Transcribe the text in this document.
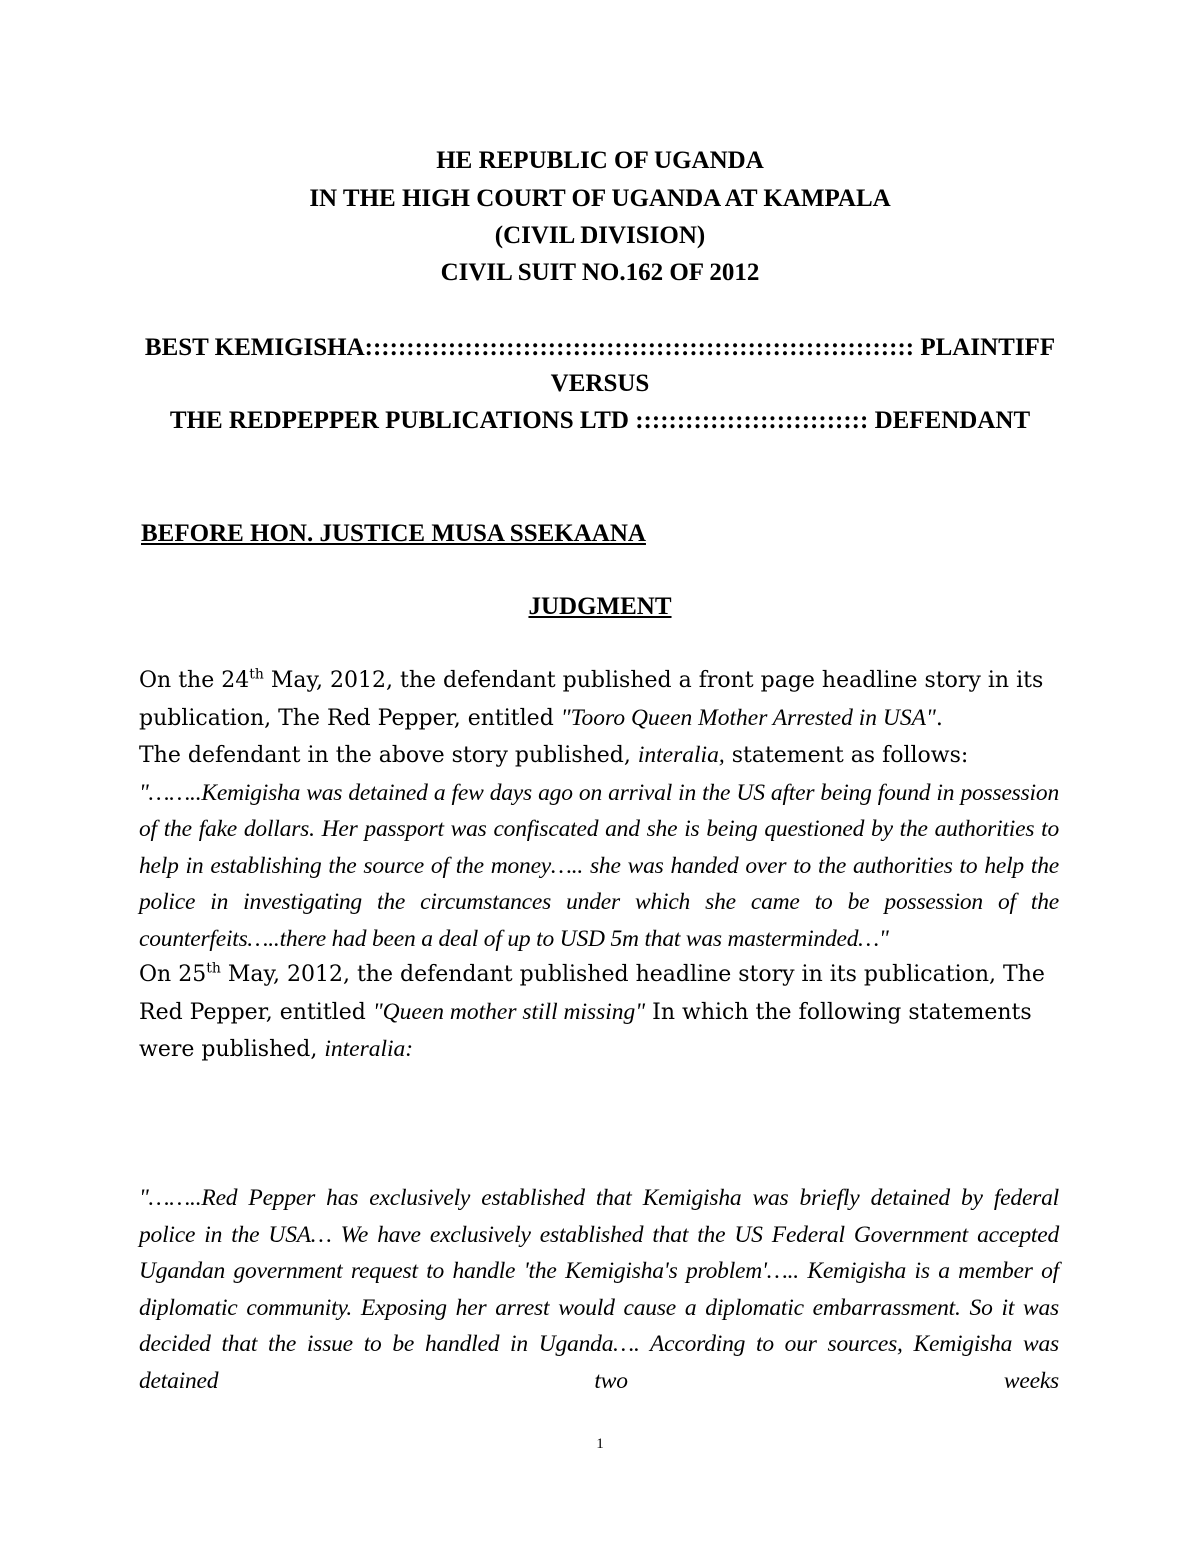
HE REPUBLIC OF UGANDA
IN THE HIGH COURT OF UGANDA AT KAMPALA
(CIVIL DIVISION)
CIVIL SUIT NO.162 OF 2012
BEST KEMIGISHA:::::::::::::::::::::::::::::::::::::::::::::::::::::::::::::::::: PLAINTIFF
VERSUS
THE REDPEPPER PUBLICATIONS LTD :::::::::::::::::::::::::::: DEFENDANT
BEFORE HON. JUSTICE MUSA SSEKAANA
JUDGMENT

On the 24th May, 2012, the defendant published a front page headline story in its publication, The Red Pepper, entitled "Tooro Queen Mother Arrested in USA".

The defendant in the above story published, interalia, statement as follows:

"……..Kemigisha was detained a few days ago on arrival in the US after being found in possession of the fake dollars. Her passport was confiscated and she is being questioned by the authorities to help in establishing the source of the money….. she was handed over to the authorities to help the police in investigating the circumstances under which she came to be possession of the counterfeits…..there had been a deal of up to USD 5m that was masterminded…"

On 25th May, 2012, the defendant published headline story in its publication, The Red Pepper, entitled "Queen mother still missing" In which the following statements were published, interalia:

"……..Red Pepper has exclusively established that Kemigisha was briefly detained by federal police in the USA… We have exclusively established that the US Federal Government accepted Ugandan government request to handle 'the Kemigisha's problem'….. Kemigisha is a member of diplomatic community. Exposing her arrest would cause a diplomatic embarrassment. So it was decided that the issue to be handled in Uganda…. According to our sources, Kemigisha was detained two weeks

1
